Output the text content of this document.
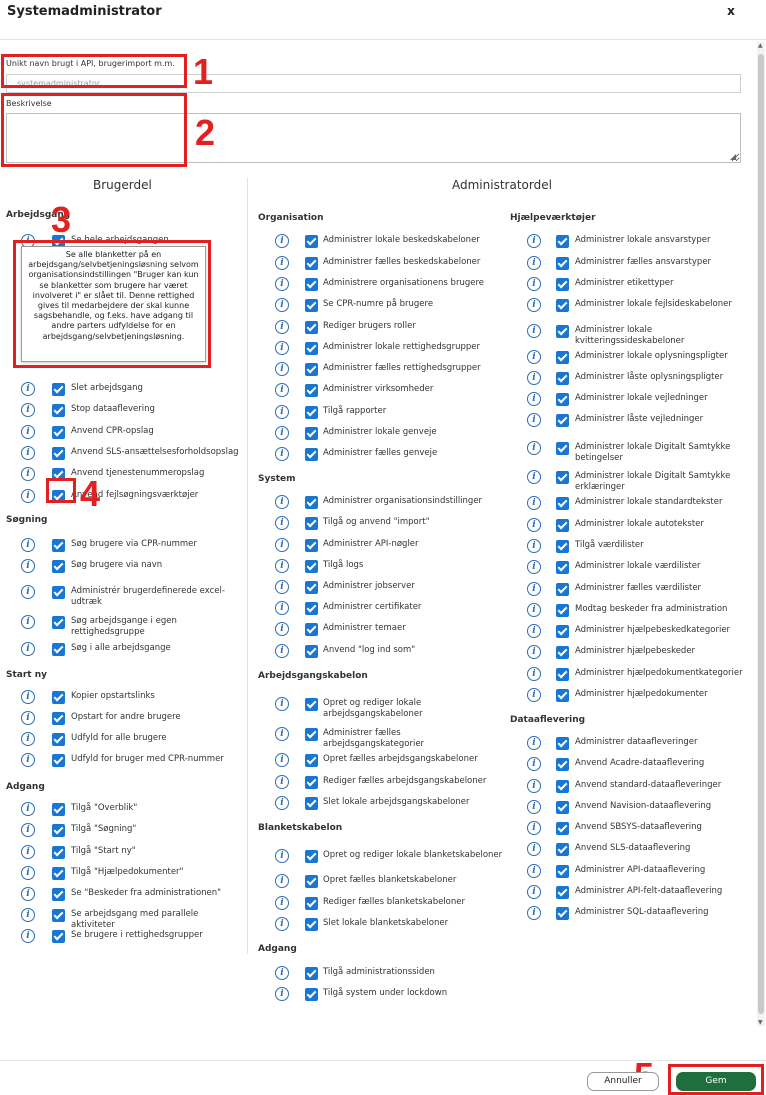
Systemadministrator	x
▲
▼
Unikt navn brugt i API, brugerimport m.m.
systemadministrator
Beskrivelse
◢
Brugerdel	Administratordel
Arbejdsgang
i	Se hele arbejdsgangen
i	Slet arbejdsgang
i	Stop dataaflevering
i	Anvend CPR-opslag
i	Anvend SLS-ansættelsesforholdsopslag
i	Anvend tjenestenummeropslag
i	Anvend fejlsøgningsværktøjer
Søgning
i	Søg brugere via CPR-nummer
i	Søg brugere via navn
i	Administrér brugerdefinerede excel-udtræk
i	Søg arbejdsgange i egen rettighedsgruppe
i	Søg i alle arbejdsgange
Start ny
i	Kopier opstartslinks
i	Opstart for andre brugere
i	Udfyld for alle brugere
i	Udfyld for bruger med CPR-nummer
Adgang
i	Tilgå "Overblik"
i	Tilgå "Søgning"
i	Tilgå "Start ny"
i	Tilgå "Hjælpedokumenter"
i	Se "Beskeder fra administrationen"
i	Se arbejdsgang med parallele aktiviteter
i	Se brugere i rettighedsgrupper
Organisation
i	Administrer lokale beskedskabeloner
i	Administrer fælles beskedskabeloner
i	Administrere organisationens brugere
i	Se CPR-numre på brugere
i	Rediger brugers roller
i	Administrer lokale rettighedsgrupper
i	Administrer fælles rettighedsgrupper
i	Administrer virksomheder
i	Tilgå rapporter
i	Administrer lokale genveje
i	Administrer fælles genveje
System
i	Administrer organisationsindstillinger
i	Tilgå og anvend "import"
i	Administrer API-nøgler
i	Tilgå logs
i	Administrer jobserver
i	Administrer certifikater
i	Administrer temaer
i	Anvend "log ind som"
Arbejdsgangskabelon
i	Opret og rediger lokale arbejdsgangskabeloner
i	Administrer fælles arbejdsgangskategorier
i	Opret fælles arbejdsgangskabeloner
i	Rediger fælles arbejdsgangskabeloner
i	Slet lokale arbejdsgangskabeloner
Blanketskabelon
i	Opret og rediger lokale blanketskabeloner
i	Opret fælles blanketskabeloner
i	Rediger fælles blanketskabeloner
i	Slet lokale blanketskabeloner
Adgang
i	Tilgå administrationssiden
i	Tilgå system under lockdown
Hjælpeværktøjer
i	Administrer lokale ansvarstyper
i	Administrer fælles ansvarstyper
i	Administrer etikettyper
i	Administrer lokale fejlsideskabeloner
i	Administrer lokale kvitteringssideskabeloner
i	Administrer lokale oplysningspligter
i	Administrer låste oplysningspligter
i	Administrer lokale vejledninger
i	Administrer låste vejledninger
i	Administrer lokale Digitalt Samtykke betingelser
i	Administrer lokale Digitalt Samtykke erklæringer
i	Administrer lokale standardtekster
i	Administrer lokale autotekster
i	Tilgå værdilister
i	Administrer lokale værdilister
i	Administrer fælles værdilister
i	Modtag beskeder fra administration
i	Administrer hjælpebeskedkategorier
i	Administrer hjælpebeskeder
i	Administrer hjælpedokumentkategorier
i	Administrer hjælpedokumenter
Dataaflevering
i	Administrer dataafleveringer
i	Anvend Acadre-dataaflevering
i	Anvend standard-dataafleveringer
i	Anvend Navision-dataaflevering
i	Anvend SBSYS-dataaflevering
i	Anvend SLS-dataaflevering
i	Administrer API-dataaflevering
i	Administrer API-felt-dataaflevering
i	Administrer SQL-dataaflevering
Se alle blanketter på en arbejdsgang/selvbetjeningsløsning selvom organisationsindstillingen "Bruger kan kun se blanketter som brugere har været involveret i" er slået til. Denne rettighed gives til medarbejdere der skal kunne sagsbehandle, og f.eks. have adgang til andre parters udfyldelse for en arbejdsgang/selvbetjeningsløsning.
1
2
3
4
Annuller	Gem
